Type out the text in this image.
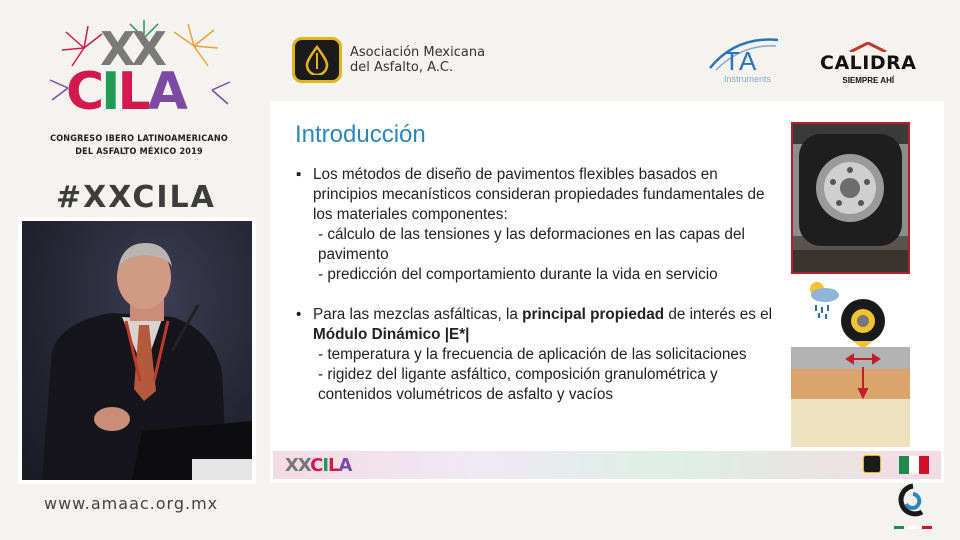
XX
CILA
CONGRESO IBERO LATINOAMERICANO
DEL ASFALTO MÉXICO 2019
#XXCILA
www.amaac.org.mx
Asociación Mexicana
del Asfalto, A.C.	TA
Instruments
CALIDRA
SIEMPRE AHÍ
Introducción
▪ Los métodos de diseño de pavimentos flexibles basados en principios mecanísticos consideran propiedades fundamentales de los materiales componentes:
- cálculo de las tensiones y las deformaciones en las capas del pavimento
- predicción del comportamiento durante la vida en servicio
• Para las mezclas asfálticas, la principal propiedad de interés es el Módulo Dinámico |E*|
- temperatura y la frecuencia de aplicación de las solicitaciones
- rigidez del ligante asfáltico, composición granulométrica y contenidos volumétricos de asfalto y vacíos
XXCILA
